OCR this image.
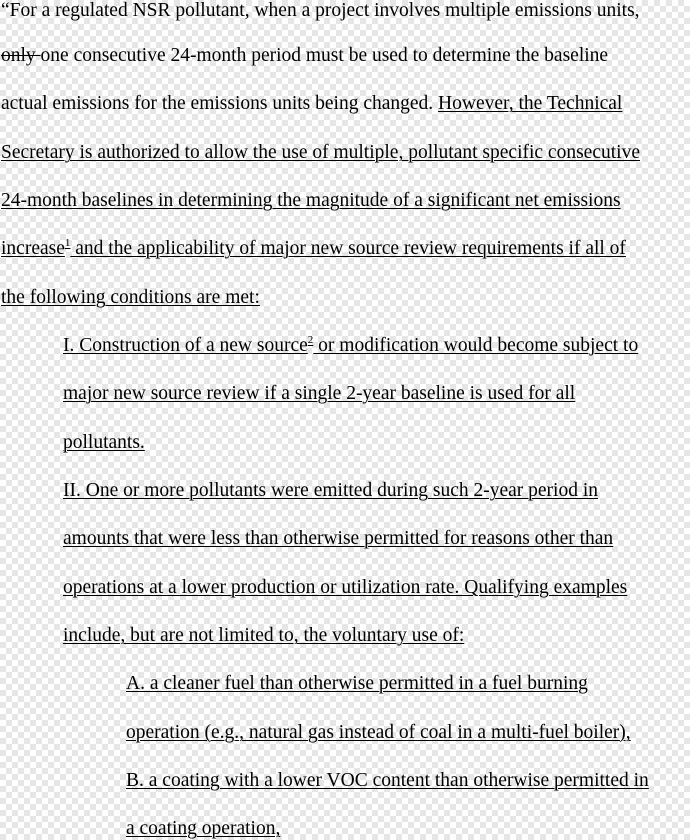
“For a regulated NSR pollutant, when a project involves multiple emissions units,
only one consecutive 24-month period must be used to determine the baseline
actual emissions for the emissions units being changed. However, the Technical
Secretary is authorized to allow the use of multiple, pollutant specific consecutive
24-month baselines in determining the magnitude of a significant net emissions
increase$^1$ and the applicability of major new source review requirements if all of
the following conditions are met:
I. Construction of a new source$^2$ or modification would become subject to
major new source review if a single 2-year baseline is used for all
pollutants.
II. One or more pollutants were emitted during such 2-year period in
amounts that were less than otherwise permitted for reasons other than
operations at a lower production or utilization rate. Qualifying examples
include, but are not limited to, the voluntary use of:
A. a cleaner fuel than otherwise permitted in a fuel burning
operation (e.g., natural gas instead of coal in a multi-fuel boiler),
B. a coating with a lower VOC content than otherwise permitted in
a coating operation,
